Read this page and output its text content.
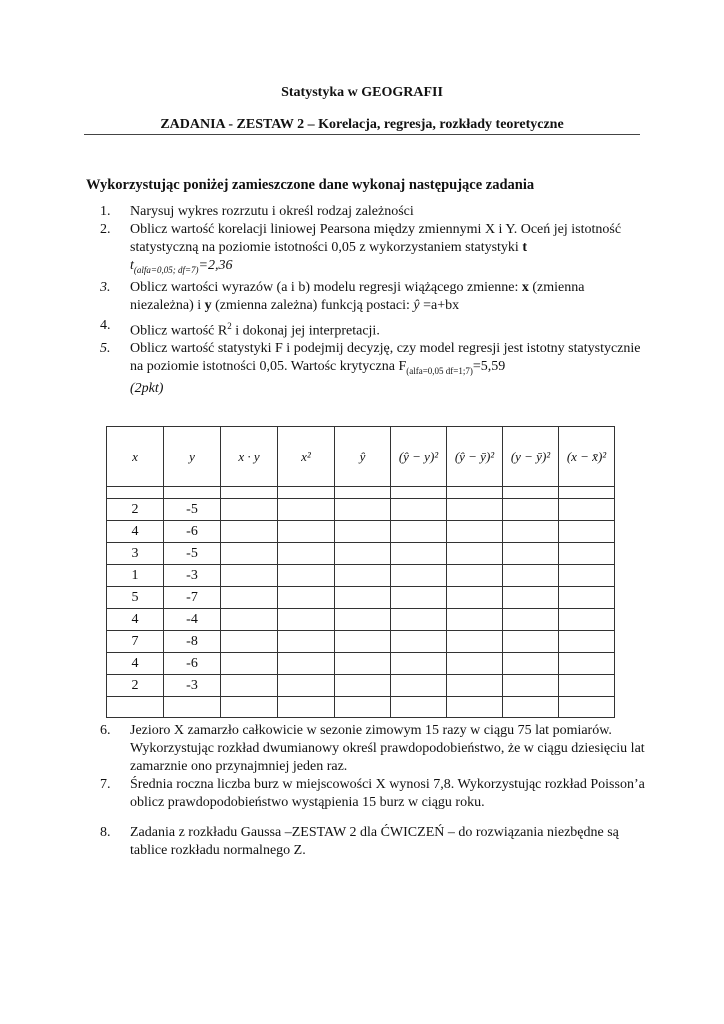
Statystyka w GEOGRAFII
ZADANIA - ZESTAW 2 – Korelacja, regresja, rozkłady teoretyczne
Wykorzystując poniżej zamieszczone dane wykonaj następujące zadania
1.	Narysuj wykres rozrzutu i określ rodzaj zależności
2.	Oblicz wartość korelacji liniowej Pearsona między zmiennymi X i Y. Oceń jej istotność statystyczną na poziomie istotności 0,05 z wykorzystaniem statystyki t
$t_{(alfa=0,05; df=7)}=2,36$
3.	Oblicz wartości wyrazów (a i b) modelu regresji wiążącego zmienne: x (zmienna niezależna) i y (zmienna zależna) funkcją postaci: ŷ =a+bx
4.	Oblicz wartość $R^2$ i dokonaj jej interpretacji.
5.	Oblicz wartość statystyki F i podejmij decyzję, czy model regresji jest istotny statystycznie na poziomie istotności 0,05. Wartośc krytyczna $F_{(alfa=0,05 df=1;7)}=5,59$
(2pkt)
x	y	x · y	x²	ŷ	(ŷ − y)²	(ŷ − ȳ)²	(y − ȳ)²	(x − x̄)²

2	-5							
4	-6							
3	-5							
1	-3							
5	-7							
4	-4							
7	-8							
4	-6							
2	-3							

6.	Jezioro X zamarzło całkowicie w sezonie zimowym 15 razy w ciągu 75 lat pomiarów. Wykorzystując rozkład dwumianowy określ prawdopodobieństwo, że w ciągu dziesięciu lat zamarznie ono przynajmniej jeden raz.
7.	Średnia roczna liczba burz w miejscowości X wynosi 7,8. Wykorzystując rozkład Poisson’a oblicz prawdopodobieństwo wystąpienia 15 burz w ciągu roku.
8.	Zadania z rozkładu Gaussa –ZESTAW 2 dla ĆWICZEŃ – do rozwiązania niezbędne są tablice rozkładu normalnego Z.
